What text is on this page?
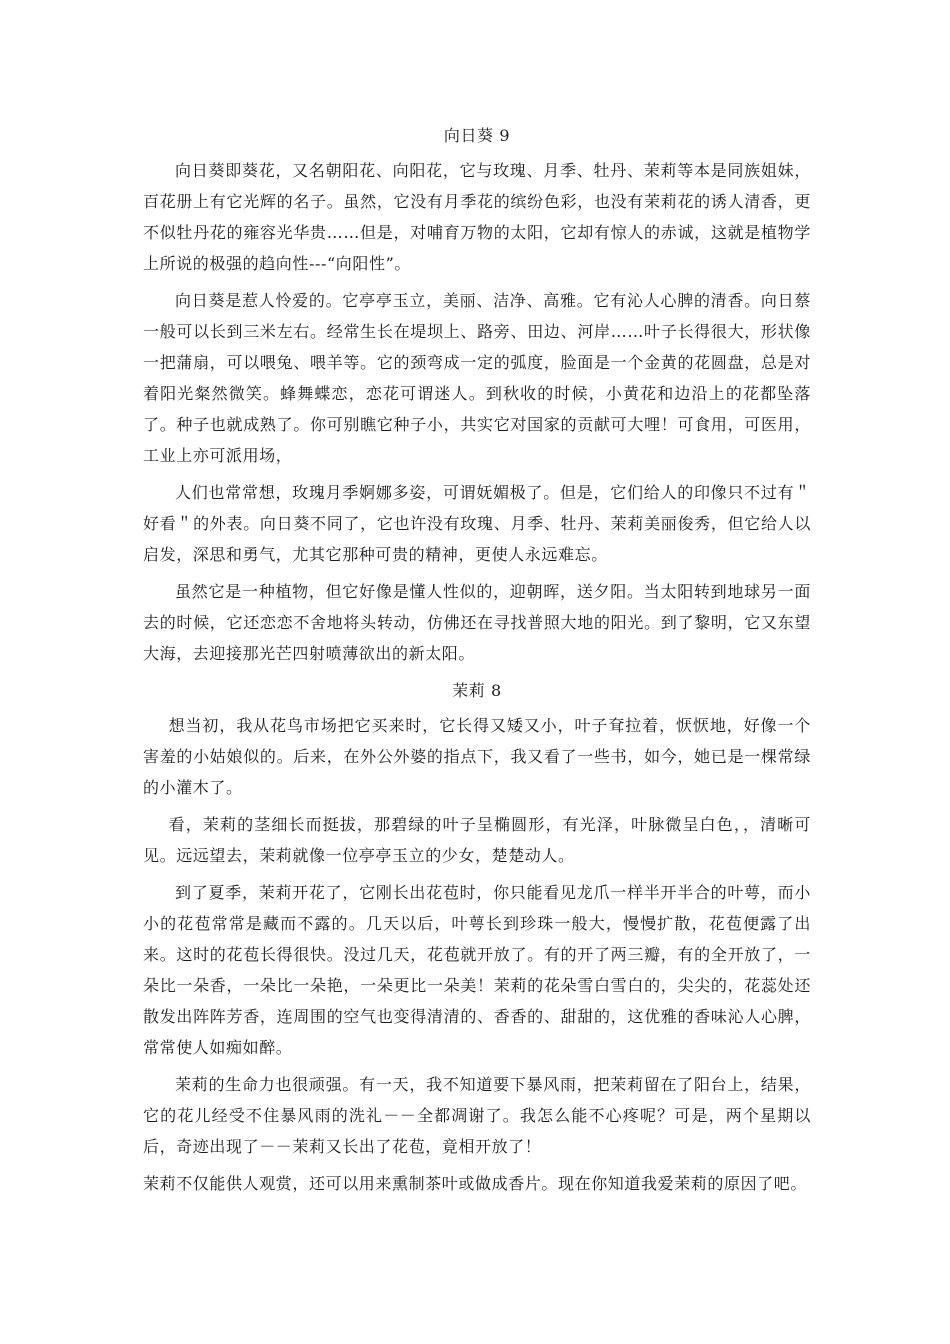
向日葵 9

向日葵即葵花，又名朝阳花、向阳花，它与玫瑰、月季、牡丹、茉莉等本是同族姐妹，百花册上有它光辉的名子。虽然，它没有月季花的缤纷色彩，也没有茉莉花的诱人清香，更不似牡丹花的雍容光华贵……但是，对哺育万物的太阳，它却有惊人的赤诚，这就是植物学上所说的极强的趋向性---“向阳性”。

向日葵是惹人怜爱的。它亭亭玉立，美丽、洁净、高雅。它有沁人心脾的清香。向日蔡一般可以长到三米左右。经常生长在堤坝上、路旁、田边、河岸……叶子长得很大，形状像一把蒲扇，可以喂兔、喂羊等。它的颈弯成一定的弧度，脸面是一个金黄的花圆盘，总是对着阳光粲然微笑。蜂舞蝶恋，恋花可谓迷人。到秋收的时候，小黄花和边沿上的花都坠落了。种子也就成熟了。你可别瞧它种子小，共实它对国家的贡献可大哩！可食用，可医用，工业上亦可派用场，

人们也常常想，玫瑰月季婀娜多姿，可谓妩媚极了。但是，它们给人的印像只不过有＂好看＂的外表。向日葵不同了，它也许没有玫瑰、月季、牡丹、茉莉美丽俊秀，但它给人以启发，深思和勇气，尤其它那种可贵的精神，更使人永远难忘。

虽然它是一种植物，但它好像是懂人性似的，迎朝晖，送夕阳。当太阳转到地球另一面去的时候，它还恋恋不舍地将头转动，仿佛还在寻找普照大地的阳光。到了黎明，它又东望大海，去迎接那光芒四射喷薄欲出的新太阳。

茉莉 8

想当初，我从花鸟市场把它买来时，它长得又矮又小，叶子耷拉着，恹恹地，好像一个害羞的小姑娘似的。后来，在外公外婆的指点下，我又看了一些书，如今，她已是一棵常绿的小灌木了。

看，茉莉的茎细长而挺拔，那碧绿的叶子呈椭圆形，有光泽，叶脉微呈白色，，清晰可见。远远望去，茉莉就像一位亭亭玉立的少女，楚楚动人。

到了夏季，茉莉开花了，它刚长出花苞时，你只能看见龙爪一样半开半合的叶萼，而小小的花苞常常是藏而不露的。几天以后，叶萼长到珍珠一般大，慢慢扩散，花苞便露了出来。这时的花苞长得很快。没过几天，花苞就开放了。有的开了两三瓣，有的全开放了，一朵比一朵香，一朵比一朵艳，一朵更比一朵美！茉莉的花朵雪白雪白的，尖尖的，花蕊处还散发出阵阵芳香，连周围的空气也变得清清的、香香的、甜甜的，这优雅的香味沁人心脾，常常使人如痴如醉。

茉莉的生命力也很顽强。有一天，我不知道要下暴风雨，把茉莉留在了阳台上，结果，它的花儿经受不住暴风雨的洗礼－－全都凋谢了。我怎么能不心疼呢？可是，两个星期以后，奇迹出现了－－茉莉又长出了花苞，竟相开放了！

茉莉不仅能供人观赏，还可以用来熏制茶叶或做成香片。现在你知道我爱茉莉的原因了吧。
